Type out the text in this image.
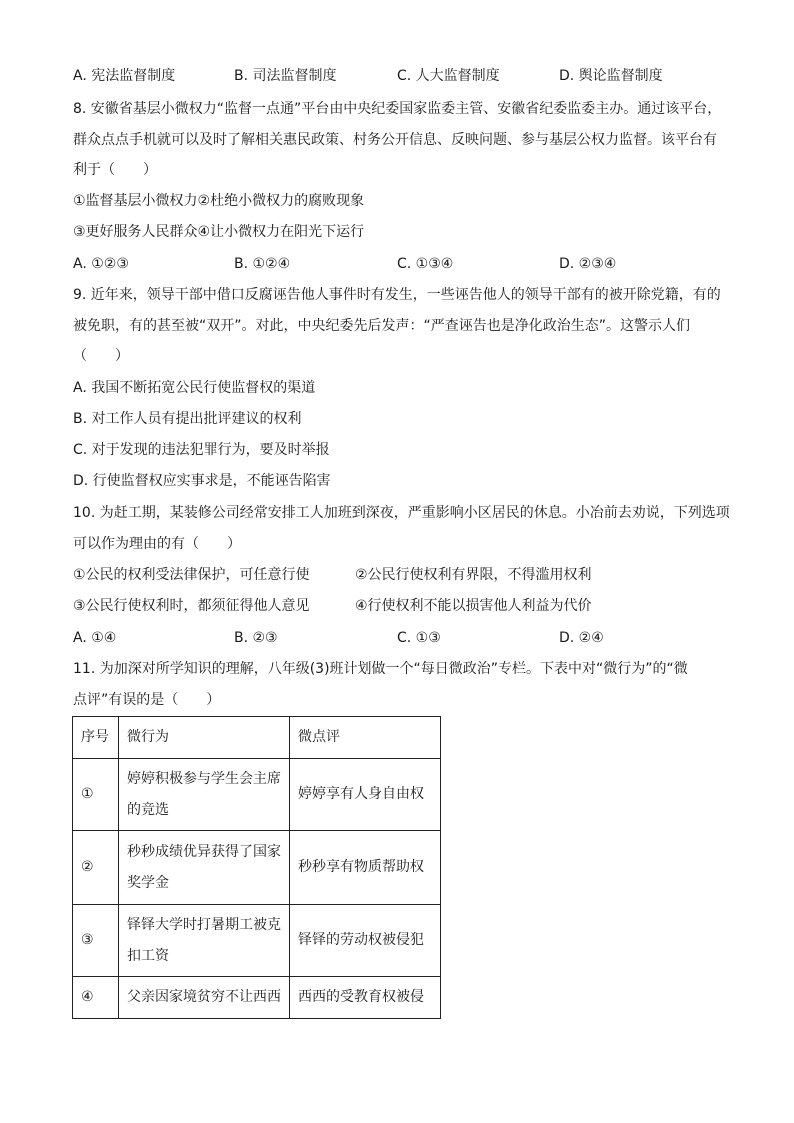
A. 宪法监督制度	B. 司法监督制度	C. 人大监督制度	D. 舆论监督制度
8. 安徽省基层小微权力“监督一点通”平台由中央纪委国家监委主管、安徽省纪委监委主办。通过该平台，
群众点点手机就可以及时了解相关惠民政策、村务公开信息、反映问题、参与基层公权力监督。该平台有
利于（　　）
①监督基层小微权力②杜绝小微权力的腐败现象
③更好服务人民群众④让小微权力在阳光下运行
A. ①②③	B. ①②④	C. ①③④	D. ②③④
9. 近年来，领导干部中借口反腐诬告他人事件时有发生，一些诬告他人的领导干部有的被开除党籍，有的
被免职，有的甚至被“双开”。对此，中央纪委先后发声：“严查诬告也是净化政治生态”。这警示人们
（　　）
A. 我国不断拓宽公民行使监督权的渠道
B. 对工作人员有提出批评建议的权利
C. 对于发现的违法犯罪行为，要及时举报
D. 行使监督权应实事求是，不能诬告陷害
10. 为赶工期，某装修公司经常安排工人加班到深夜，严重影响小区居民的休息。小冶前去劝说，下列选项
可以作为理由的有（　　）
①公民的权利受法律保护，可任意行使	②公民行使权利有界限，不得滥用权利
③公民行使权利时，都须征得他人意见	④行使权利不能以损害他人利益为代价
A. ①④	B. ②③	C. ①③	D. ②④
11. 为加深对所学知识的理解，八年级(3)班计划做一个“每日微政治”专栏。下表中对“微行为”的“微
点评”有误的是（　　）
序号	微行为	微点评
①	婷婷积极参与学生会主席的竞选	婷婷享有人身自由权
②	秒秒成绩优异获得了国家奖学金	秒秒享有物质帮助权
③	铎铎大学时打暑期工被克扣工资	铎铎的劳动权被侵犯
④	父亲因家境贫穷不让西西	西西的受教育权被侵
